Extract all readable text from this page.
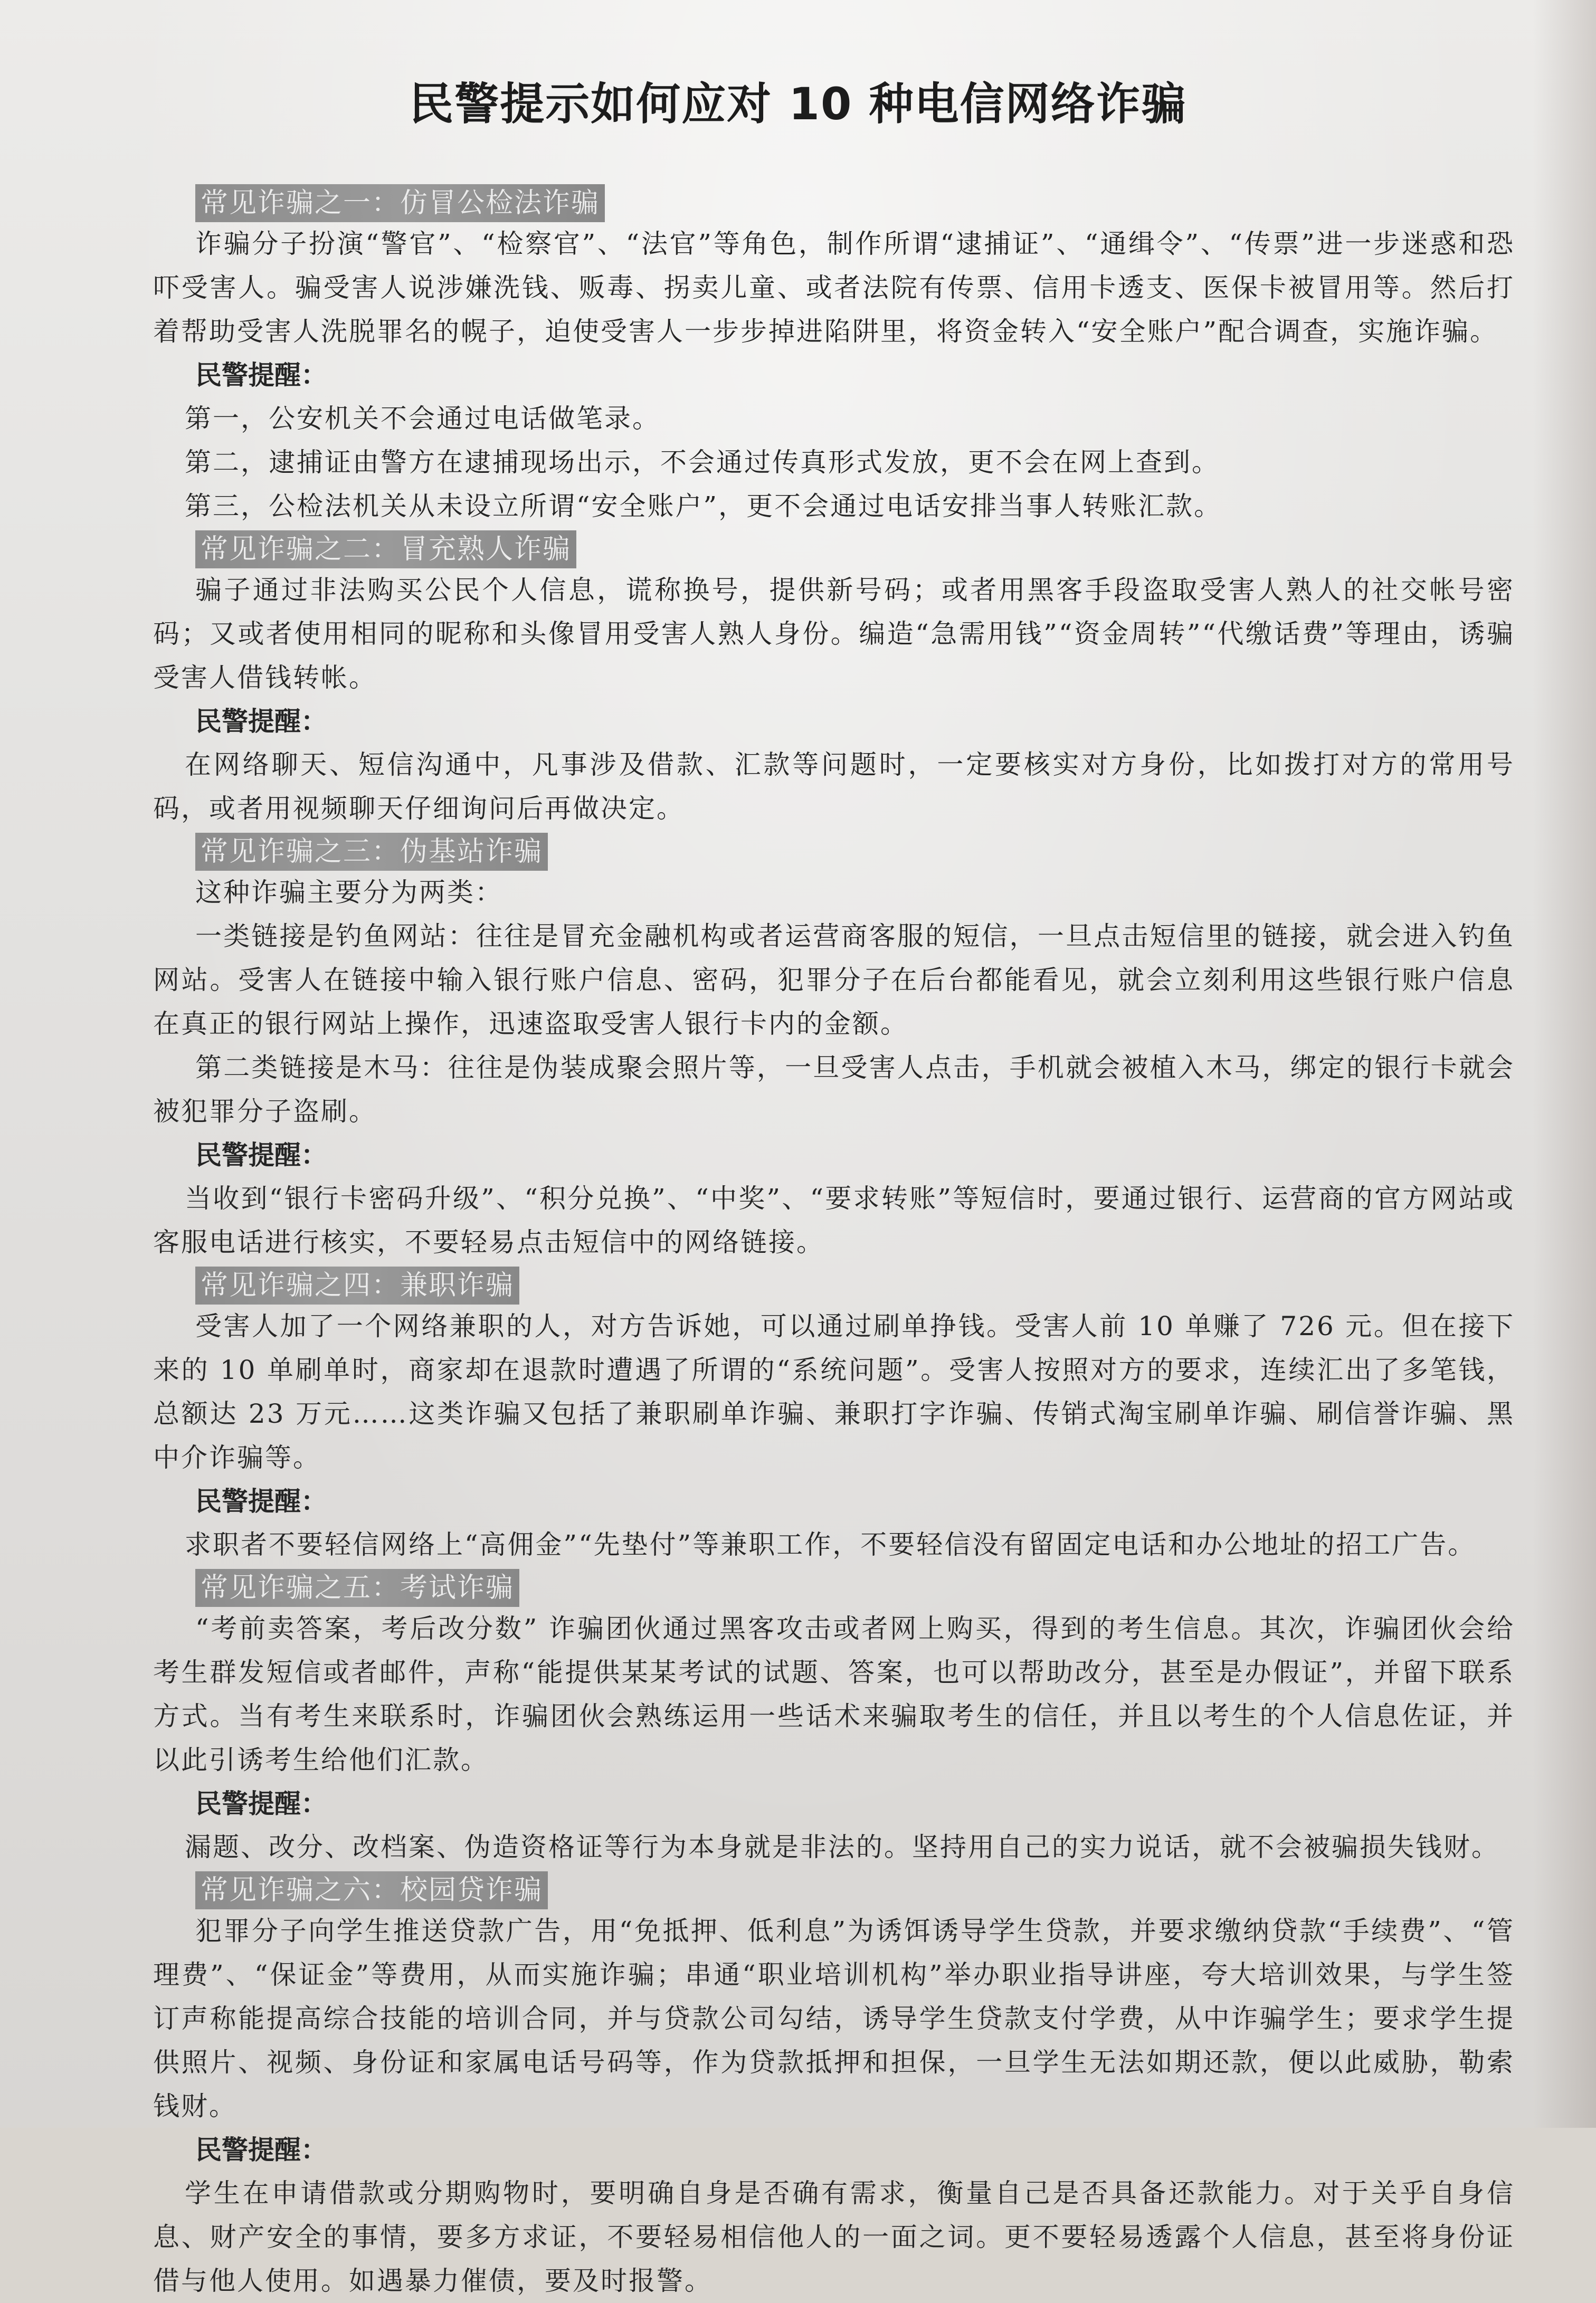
民警提示如何应对 10 种电信网络诈骗
常见诈骗之一：仿冒公检法诈骗

诈骗分子扮演“警官”、“检察官”、“法官”等角色，制作所谓“逮捕证”、“通缉令”、“传票”进一步迷惑和恐吓受害人。骗受害人说涉嫌洗钱、贩毒、拐卖儿童、或者法院有传票、信用卡透支、医保卡被冒用等。然后打着帮助受害人洗脱罪名的幌子，迫使受害人一步步掉进陷阱里，将资金转入“安全账户”配合调查，实施诈骗。

民警提醒：

第一，公安机关不会通过电话做笔录。

第二，逮捕证由警方在逮捕现场出示，不会通过传真形式发放，更不会在网上查到。

第三，公检法机关从未设立所谓“安全账户”，更不会通过电话安排当事人转账汇款。

常见诈骗之二：冒充熟人诈骗

骗子通过非法购买公民个人信息，谎称换号，提供新号码；或者用黑客手段盗取受害人熟人的社交帐号密码；又或者使用相同的昵称和头像冒用受害人熟人身份。编造“急需用钱”“资金周转”“代缴话费”等理由，诱骗受害人借钱转帐。

民警提醒：

在网络聊天、短信沟通中，凡事涉及借款、汇款等问题时，一定要核实对方身份，比如拨打对方的常用号码，或者用视频聊天仔细询问后再做决定。

常见诈骗之三：伪基站诈骗

这种诈骗主要分为两类：

一类链接是钓鱼网站：往往是冒充金融机构或者运营商客服的短信，一旦点击短信里的链接，就会进入钓鱼网站。受害人在链接中输入银行账户信息、密码，犯罪分子在后台都能看见，就会立刻利用这些银行账户信息在真正的银行网站上操作，迅速盗取受害人银行卡内的金额。

第二类链接是木马：往往是伪装成聚会照片等，一旦受害人点击，手机就会被植入木马，绑定的银行卡就会被犯罪分子盗刷。

民警提醒：

当收到“银行卡密码升级”、“积分兑换”、“中奖”、“要求转账”等短信时，要通过银行、运营商的官方网站或客服电话进行核实，不要轻易点击短信中的网络链接。

常见诈骗之四：兼职诈骗

受害人加了一个网络兼职的人，对方告诉她，可以通过刷单挣钱。受害人前 10 单赚了 726 元。但在接下来的 10 单刷单时，商家却在退款时遭遇了所谓的“系统问题”。受害人按照对方的要求，连续汇出了多笔钱，总额达 23 万元……这类诈骗又包括了兼职刷单诈骗、兼职打字诈骗、传销式淘宝刷单诈骗、刷信誉诈骗、黑中介诈骗等。

民警提醒：

求职者不要轻信网络上“高佣金”“先垫付”等兼职工作，不要轻信没有留固定电话和办公地址的招工广告。

常见诈骗之五：考试诈骗

“考前卖答案，考后改分数” 诈骗团伙通过黑客攻击或者网上购买，得到的考生信息。其次，诈骗团伙会给考生群发短信或者邮件，声称“能提供某某考试的试题、答案，也可以帮助改分，甚至是办假证”，并留下联系方式。当有考生来联系时，诈骗团伙会熟练运用一些话术来骗取考生的信任，并且以考生的个人信息佐证，并以此引诱考生给他们汇款。

民警提醒：

漏题、改分、改档案、伪造资格证等行为本身就是非法的。坚持用自己的实力说话，就不会被骗损失钱财。

常见诈骗之六：校园贷诈骗

犯罪分子向学生推送贷款广告，用“免抵押、低利息”为诱饵诱导学生贷款，并要求缴纳贷款“手续费”、“管理费”、“保证金”等费用，从而实施诈骗；串通“职业培训机构”举办职业指导讲座，夸大培训效果，与学生签订声称能提高综合技能的培训合同，并与贷款公司勾结，诱导学生贷款支付学费，从中诈骗学生；要求学生提供照片、视频、身份证和家属电话号码等，作为贷款抵押和担保，一旦学生无法如期还款，便以此威胁，勒索钱财。

民警提醒：

学生在申请借款或分期购物时，要明确自身是否确有需求，衡量自己是否具备还款能力。对于关乎自身信息、财产安全的事情，要多方求证，不要轻易相信他人的一面之词。更不要轻易透露个人信息，甚至将身份证借与他人使用。如遇暴力催债，要及时报警。
